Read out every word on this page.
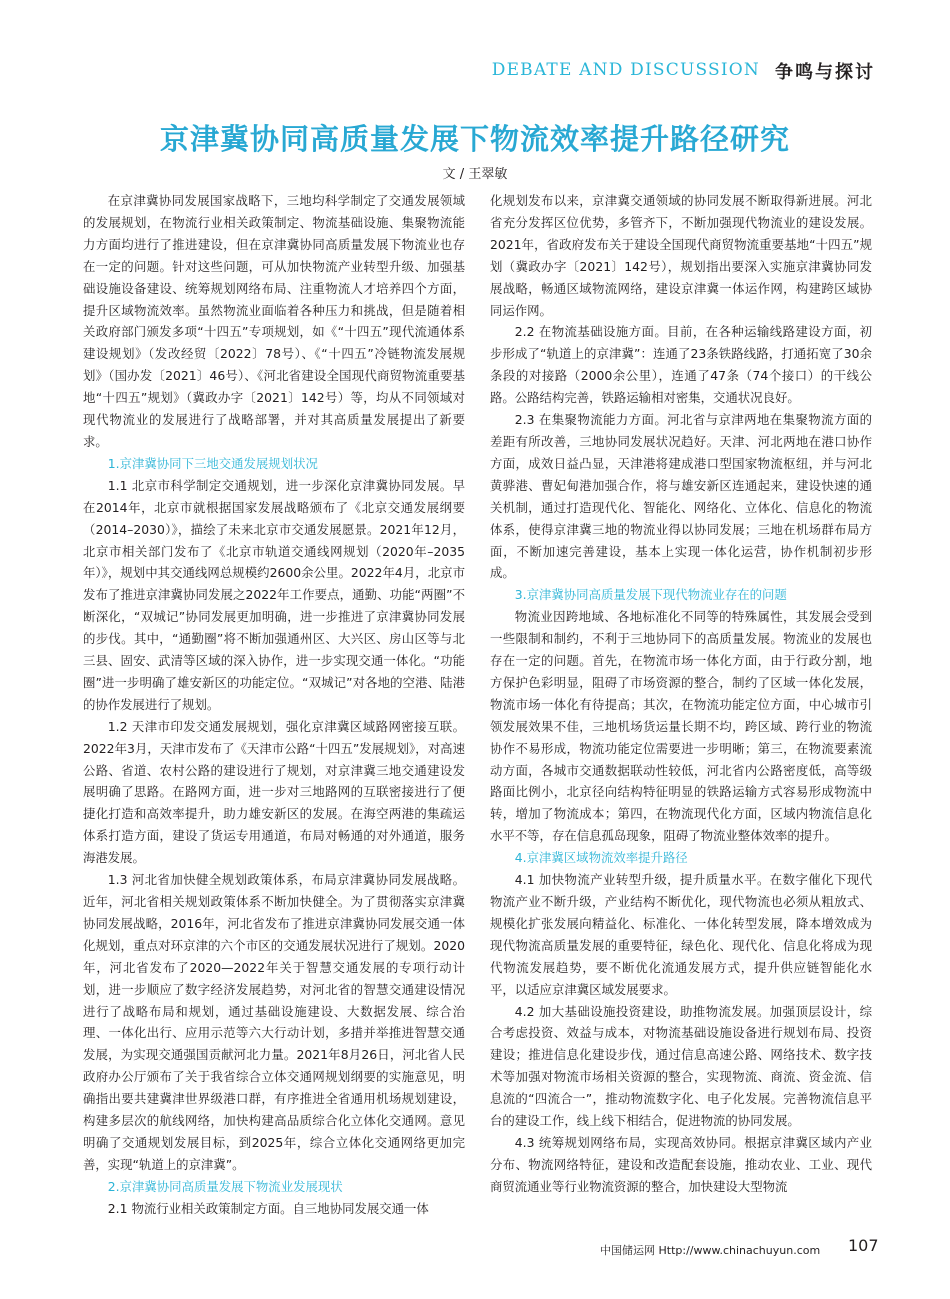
DEBATE AND DISCUSSION 争鸣与探讨
京津冀协同高质量发展下物流效率提升路径研究
文 / 王翠敏

在京津冀协同发展国家战略下，三地均科学制定了交通发展领域的发展规划，在物流行业相关政策制定、物流基础设施、集聚物流能力方面均进行了推进建设，但在京津冀协同高质量发展下物流业也存在一定的问题。针对这些问题，可从加快物流产业转型升级、加强基础设施设备建设、统筹规划网络布局、注重物流人才培养四个方面，提升区域物流效率。虽然物流业面临着各种压力和挑战，但是随着相关政府部门颁发多项“十四五”专项规划，如《“十四五”现代流通体系建设规划》（发改经贸〔2022〕78号）、《“十四五”冷链物流发展规划》（国办发〔2021〕46号）、《河北省建设全国现代商贸物流重要基地“十四五”规划》（冀政办字〔2021〕142号）等，均从不同领域对现代物流业的发展进行了战略部署，并对其高质量发展提出了新要求。

1.京津冀协同下三地交通发展规划状况

1.1 北京市科学制定交通规划，进一步深化京津冀协同发展。早在2014年，北京市就根据国家发展战略颁布了《北京交通发展纲要（2014–2030）》，描绘了未来北京市交通发展愿景。2021年12月，北京市相关部门发布了《北京市轨道交通线网规划（2020年–2035年）》，规划中其交通线网总规模约2600余公里。2022年4月，北京市发布了推进京津冀协同发展之2022年工作要点，通勤、功能“两圈”不断深化，“双城记”协同发展更加明确，进一步推进了京津冀协同发展的步伐。其中，“通勤圈”将不断加强通州区、大兴区、房山区等与北三县、固安、武清等区域的深入协作，进一步实现交通一体化。“功能圈”进一步明确了雄安新区的功能定位。“双城记”对各地的空港、陆港的协作发展进行了规划。

1.2 天津市印发交通发展规划，强化京津冀区域路网密接互联。2022年3月，天津市发布了《天津市公路“十四五”发展规划》，对高速公路、省道、农村公路的建设进行了规划，对京津冀三地交通建设发展明确了思路。在路网方面，进一步对三地路网的互联密接进行了便捷化打造和高效率提升，助力雄安新区的发展。在海空两港的集疏运体系打造方面，建设了货运专用通道，布局对畅通的对外通道，服务海港发展。

1.3 河北省加快健全规划政策体系，布局京津冀协同发展战略。近年，河北省相关规划政策体系不断加快健全。为了贯彻落实京津冀协同发展战略，2016年，河北省发布了推进京津冀协同发展交通一体化规划，重点对环京津的六个市区的交通发展状况进行了规划。2020年，河北省发布了2020—2022年关于智慧交通发展的专项行动计划，进一步顺应了数字经济发展趋势，对河北省的智慧交通建设情况进行了战略布局和规划，通过基础设施建设、大数据发展、综合治理、一体化出行、应用示范等六大行动计划，多措并举推进智慧交通发展，为实现交通强国贡献河北力量。2021年8月26日，河北省人民政府办公厅颁布了关于我省综合立体交通网规划纲要的实施意见，明确指出要共建冀津世界级港口群，有序推进全省通用机场规划建设，构建多层次的航线网络，加快构建高品质综合化立体化交通网。意见明确了交通规划发展目标，到2025年，综合立体化交通网络更加完善，实现“轨道上的京津冀”。

2.京津冀协同高质量发展下物流业发展现状

2.1 物流行业相关政策制定方面。自三地协同发展交通一体

化规划发布以来，京津冀交通领域的协同发展不断取得新进展。河北省充分发挥区位优势，多管齐下，不断加强现代物流业的建设发展。2021年，省政府发布关于建设全国现代商贸物流重要基地“十四五”规划（冀政办字〔2021〕142号），规划指出要深入实施京津冀协同发展战略，畅通区域物流网络，建设京津冀一体运作网，构建跨区域协同运作网。

2.2 在物流基础设施方面。目前，在各种运输线路建设方面，初步形成了“轨道上的京津冀”：连通了23条铁路线路，打通拓宽了30余条段的对接路（2000余公里），连通了47条（74个接口）的干线公路。公路结构完善，铁路运输相对密集，交通状况良好。

2.3 在集聚物流能力方面。河北省与京津两地在集聚物流方面的差距有所改善，三地协同发展状况趋好。天津、河北两地在港口协作方面，成效日益凸显，天津港将建成港口型国家物流枢纽，并与河北黄骅港、曹妃甸港加强合作，将与雄安新区连通起来，建设快速的通关机制，通过打造现代化、智能化、网络化、立体化、信息化的物流体系，使得京津冀三地的物流业得以协同发展；三地在机场群布局方面，不断加速完善建设，基本上实现一体化运营，协作机制初步形成。

3.京津冀协同高质量发展下现代物流业存在的问题

物流业因跨地域、各地标准化不同等的特殊属性，其发展会受到一些限制和制约，不利于三地协同下的高质量发展。物流业的发展也存在一定的问题。首先，在物流市场一体化方面，由于行政分割，地方保护色彩明显，阻碍了市场资源的整合，制约了区域一体化发展，物流市场一体化有待提高；其次，在物流功能定位方面，中心城市引领发展效果不佳，三地机场货运量长期不均，跨区域、跨行业的物流协作不易形成，物流功能定位需要进一步明晰；第三，在物流要素流动方面，各城市交通数据联动性较低，河北省内公路密度低，高等级路面比例小，北京径向结构特征明显的铁路运输方式容易形成物流中转，增加了物流成本；第四，在物流现代化方面，区域内物流信息化水平不等，存在信息孤岛现象，阻碍了物流业整体效率的提升。

4.京津冀区域物流效率提升路径

4.1 加快物流产业转型升级，提升质量水平。在数字催化下现代物流产业不断升级，产业结构不断优化，现代物流也必须从粗放式、规模化扩张发展向精益化、标准化、一体化转型发展，降本增效成为现代物流高质量发展的重要特征，绿色化、现代化、信息化将成为现代物流发展趋势，要不断优化流通发展方式，提升供应链智能化水平，以适应京津冀区域发展要求。

4.2 加大基础设施投资建设，助推物流发展。加强顶层设计，综合考虑投资、效益与成本，对物流基础设施设备进行规划布局、投资建设；推进信息化建设步伐，通过信息高速公路、网络技术、数字技术等加强对物流市场相关资源的整合，实现物流、商流、资金流、信息流的“四流合一”，推动物流数字化、电子化发展。完善物流信息平台的建设工作，线上线下相结合，促进物流的协同发展。

4.3 统筹规划网络布局，实现高效协同。根据京津冀区域内产业分布、物流网络特征，建设和改造配套设施，推动农业、工业、现代商贸流通业等行业物流资源的整合，加快建设大型物流

中国储运网 Http://www.chinachuyun.com 107
